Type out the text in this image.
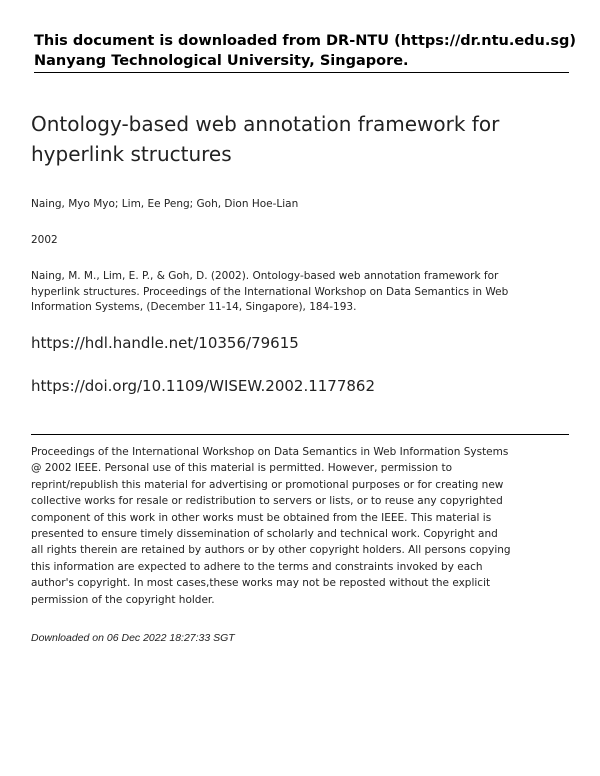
This document is downloaded from DR-NTU (https://dr.ntu.edu.sg)
Nanyang Technological University, Singapore.
Ontology-based web annotation framework for
hyperlink structures
Naing, Myo Myo; Lim, Ee Peng; Goh, Dion Hoe-Lian
2002
Naing, M. M., Lim, E. P., & Goh, D. (2002). Ontology-based web annotation framework for
hyperlink structures. Proceedings of the International Workshop on Data Semantics in Web
Information Systems, (December 11-14, Singapore), 184-193.
https://hdl.handle.net/10356/79615
https://doi.org/10.1109/WISEW.2002.1177862
Proceedings of the International Workshop on Data Semantics in Web Information Systems
@ 2002 IEEE. Personal use of this material is permitted. However, permission to
reprint/republish this material for advertising or promotional purposes or for creating new
collective works for resale or redistribution to servers or lists, or to reuse any copyrighted
component of this work in other works must be obtained from the IEEE. This material is
presented to ensure timely dissemination of scholarly and technical work. Copyright and
all rights therein are retained by authors or by other copyright holders. All persons copying
this information are expected to adhere to the terms and constraints invoked by each
author's copyright. In most cases,these works may not be reposted without the explicit
permission of the copyright holder.
Downloaded on 06 Dec 2022 18:27:33 SGT
